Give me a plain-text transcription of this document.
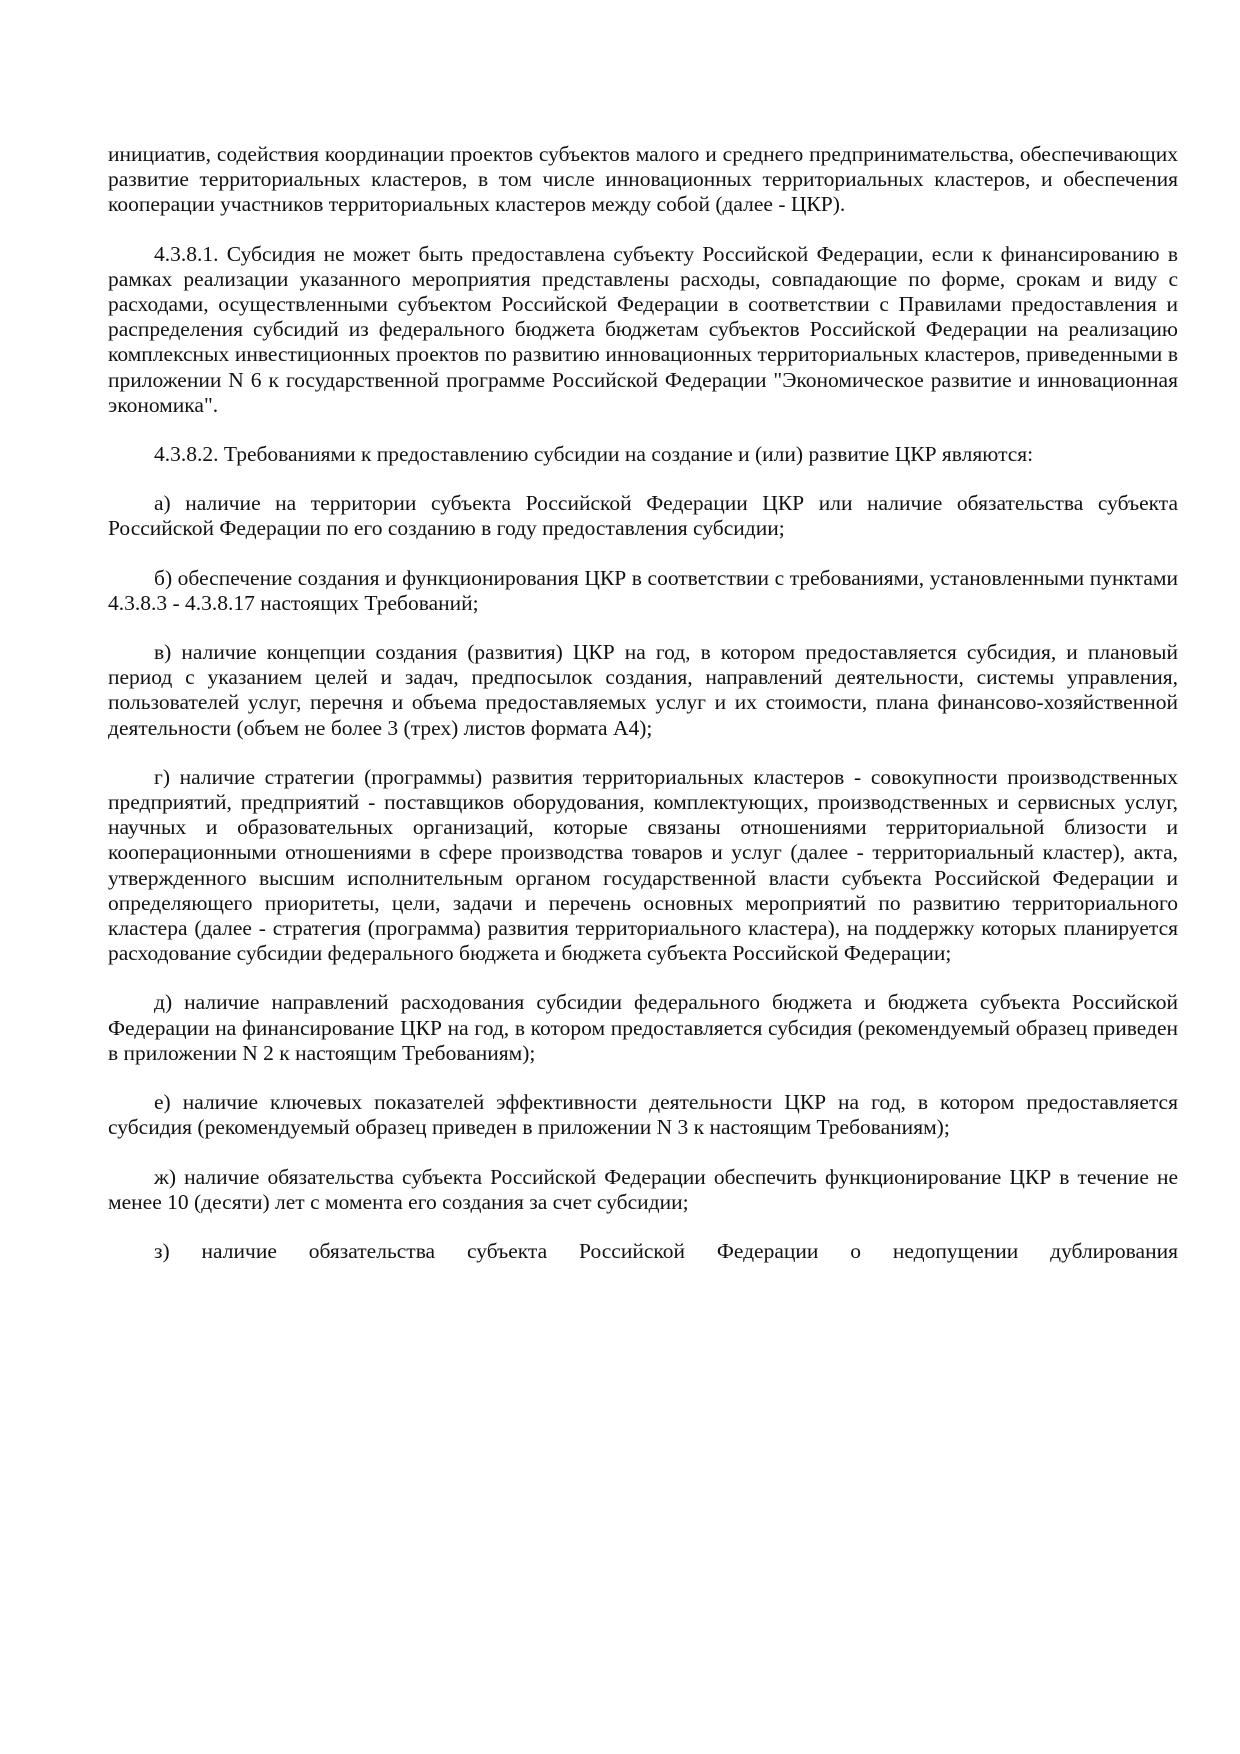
инициатив, содействия координации проектов субъектов малого и среднего предпринимательства, обеспечивающих развитие территориальных кластеров, в том числе инновационных территориальных кластеров, и обеспечения кооперации участников территориальных кластеров между собой (далее - ЦКР).

4.3.8.1. Субсидия не может быть предоставлена субъекту Российской Федерации, если к финансированию в рамках реализации указанного мероприятия представлены расходы, совпадающие по форме, срокам и виду с расходами, осуществленными субъектом Российской Федерации в соответствии с Правилами предоставления и распределения субсидий из федерального бюджета бюджетам субъектов Российской Федерации на реализацию комплексных инвестиционных проектов по развитию инновационных территориальных кластеров, приведенными в приложении N 6 к государственной программе Российской Федерации "Экономическое развитие и инновационная экономика".

4.3.8.2. Требованиями к предоставлению субсидии на создание и (или) развитие ЦКР являются:

а) наличие на территории субъекта Российской Федерации ЦКР или наличие обязательства субъекта Российской Федерации по его созданию в году предоставления субсидии;

б) обеспечение создания и функционирования ЦКР в соответствии с требованиями, установленными пунктами 4.3.8.3 - 4.3.8.17 настоящих Требований;

в) наличие концепции создания (развития) ЦКР на год, в котором предоставляется субсидия, и плановый период с указанием целей и задач, предпосылок создания, направлений деятельности, системы управления, пользователей услуг, перечня и объема предоставляемых услуг и их стоимости, плана финансово-хозяйственной деятельности (объем не более 3 (трех) листов формата А4);

г) наличие стратегии (программы) развития территориальных кластеров - совокупности производственных предприятий, предприятий - поставщиков оборудования, комплектующих, производственных и сервисных услуг, научных и образовательных организаций, которые связаны отношениями территориальной близости и кооперационными отношениями в сфере производства товаров и услуг (далее - территориальный кластер), акта, утвержденного высшим исполнительным органом государственной власти субъекта Российской Федерации и определяющего приоритеты, цели, задачи и перечень основных мероприятий по развитию территориального кластера (далее - стратегия (программа) развития территориального кластера), на поддержку которых планируется расходование субсидии федерального бюджета и бюджета субъекта Российской Федерации;

д) наличие направлений расходования субсидии федерального бюджета и бюджета субъекта Российской Федерации на финансирование ЦКР на год, в котором предоставляется субсидия (рекомендуемый образец приведен в приложении N 2 к настоящим Требованиям);

е) наличие ключевых показателей эффективности деятельности ЦКР на год, в котором предоставляется субсидия (рекомендуемый образец приведен в приложении N 3 к настоящим Требованиям);

ж) наличие обязательства субъекта Российской Федерации обеспечить функционирование ЦКР в течение не менее 10 (десяти) лет с момента его создания за счет субсидии;

з) наличие обязательства субъекта Российской Федерации о недопущении дублирования
